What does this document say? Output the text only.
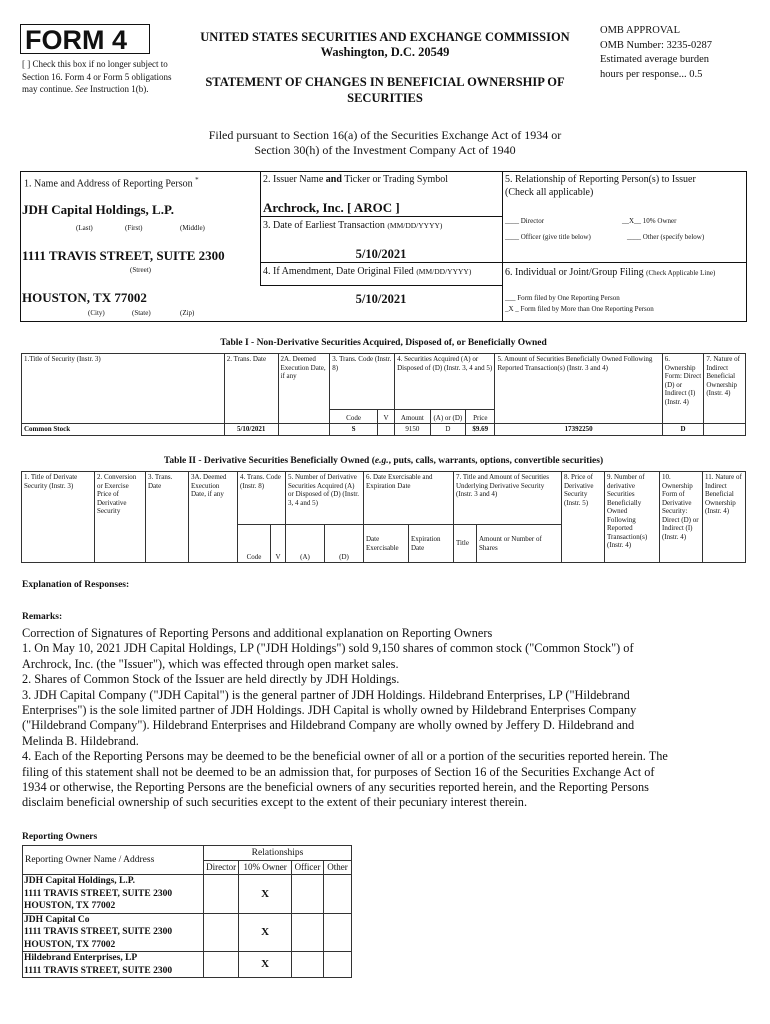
FORM 4
[ ] Check this box if no longer subject to Section 16. Form 4 or Form 5 obligations may continue. See Instruction 1(b).
UNITED STATES SECURITIES AND EXCHANGE COMMISSION
Washington, D.C. 20549
STATEMENT OF CHANGES IN BENEFICIAL OWNERSHIP OF SECURITIES
OMB APPROVAL
OMB Number: 3235-0287
Estimated average burden
hours per response... 0.5
Filed pursuant to Section 16(a) of the Securities Exchange Act of 1934 or
Section 30(h) of the Investment Company Act of 1940
1. Name and Address of Reporting Person *
JDH Capital Holdings, L.P.
(Last)	(First)	(Middle)
1111 TRAVIS STREET, SUITE 2300
(Street)
HOUSTON, TX 77002
(City)	(State)	(Zip)
2. Issuer Name and Ticker or Trading Symbol
Archrock, Inc. [ AROC ]
3. Date of Earliest Transaction (MM/DD/YYYY)
5/10/2021
4. If Amendment, Date Original Filed (MM/DD/YYYY)
5/10/2021
5. Relationship of Reporting Person(s) to Issuer
(Check all applicable)
____ Director	__X__ 10% Owner
____ Officer (give title below)	____ Other (specify below)
6. Individual or Joint/Group Filing (Check Applicable Line)
___ Form filed by One Reporting Person
_X _ Form filed by More than One Reporting Person
Table I - Non-Derivative Securities Acquired, Disposed of, or Beneficially Owned
1.Title of Security (Instr. 3)	2. Trans. Date	2A. Deemed Execution Date, if any	3. Trans. Code (Instr. 8)		4. Securities Acquired (A) or Disposed of (D) (Instr. 3, 4 and 5)			5. Amount of Securities Beneficially Owned Following Reported Transaction(s) (Instr. 3 and 4)	6. Ownership Form: Direct (D) or Indirect (I) (Instr. 4)	7. Nature of Indirect Beneficial Ownership (Instr. 4)
			Code	V	Amount	(A) or (D)	Price			
Common Stock	5/10/2021		S		9150	D	$9.69	17392250	D	
Table II - Derivative Securities Beneficially Owned (e.g., puts, calls, warrants, options, convertible securities)
1. Title of Derivate Security (Instr. 3)	2. Conversion or Exercise Price of Derivative Security	3. Trans. Date	3A. Deemed Execution Date, if any	4. Trans. Code (Instr. 8)		5. Number of Derivative Securities Acquired (A) or Disposed of (D) (Instr. 3, 4 and 5)		6. Date Exercisable and Expiration Date		7. Title and Amount of Securities Underlying Derivative Security (Instr. 3 and 4)		8. Price of Derivative Security (Instr. 5)	9. Number of derivative Securities Beneficially Owned Following Reported Transaction(s) (Instr. 4)	10. Ownership Form of Derivative Security: Direct (D) or Indirect (I) (Instr. 4)	11. Nature of Indirect Beneficial Ownership (Instr. 4)
				Code	V	(A)	(D)	Date Exercisable	Expiration Date	Title	Amount or Number of Shares				
Explanation of Responses:
Remarks:
Correction of Signatures of Reporting Persons and additional explanation on Reporting Owners
1. On May 10, 2021 JDH Capital Holdings, LP ("JDH Holdings") sold 9,150 shares of common stock ("Common Stock") of
Archrock, Inc. (the "Issuer"), which was effected through open market sales.
2. Shares of Common Stock of the Issuer are held directly by JDH Holdings.
3. JDH Capital Company ("JDH Capital") is the general partner of JDH Holdings. Hildebrand Enterprises, LP ("Hildebrand
Enterprises") is the sole limited partner of JDH Holdings. JDH Capital is wholly owned by Hildebrand Enterprises Company
("Hildebrand Company"). Hildebrand Enterprises and Hildebrand Company are wholly owned by Jeffery D. Hildebrand and
Melinda B. Hildebrand.
4. Each of the Reporting Persons may be deemed to be the beneficial owner of all or a portion of the securities reported herein. The
filing of this statement shall not be deemed to be an admission that, for purposes of Section 16 of the Securities Exchange Act of
1934 or otherwise, the Reporting Persons are the beneficial owners of any securities reported herein, and the Reporting Persons
disclaim beneficial ownership of such securities except to the extent of their pecuniary interest therein.
Reporting Owners
Reporting Owner Name / Address	Relationships			
	Director	10% Owner	Officer	Other

JDH Capital Holdings, L.P.
1111 TRAVIS STREET, SUITE 2300
HOUSTON, TX 77002		X		

JDH Capital Co
1111 TRAVIS STREET, SUITE 2300
HOUSTON, TX 77002		X		

Hildebrand Enterprises, LP
1111 TRAVIS STREET, SUITE 2300		X		
